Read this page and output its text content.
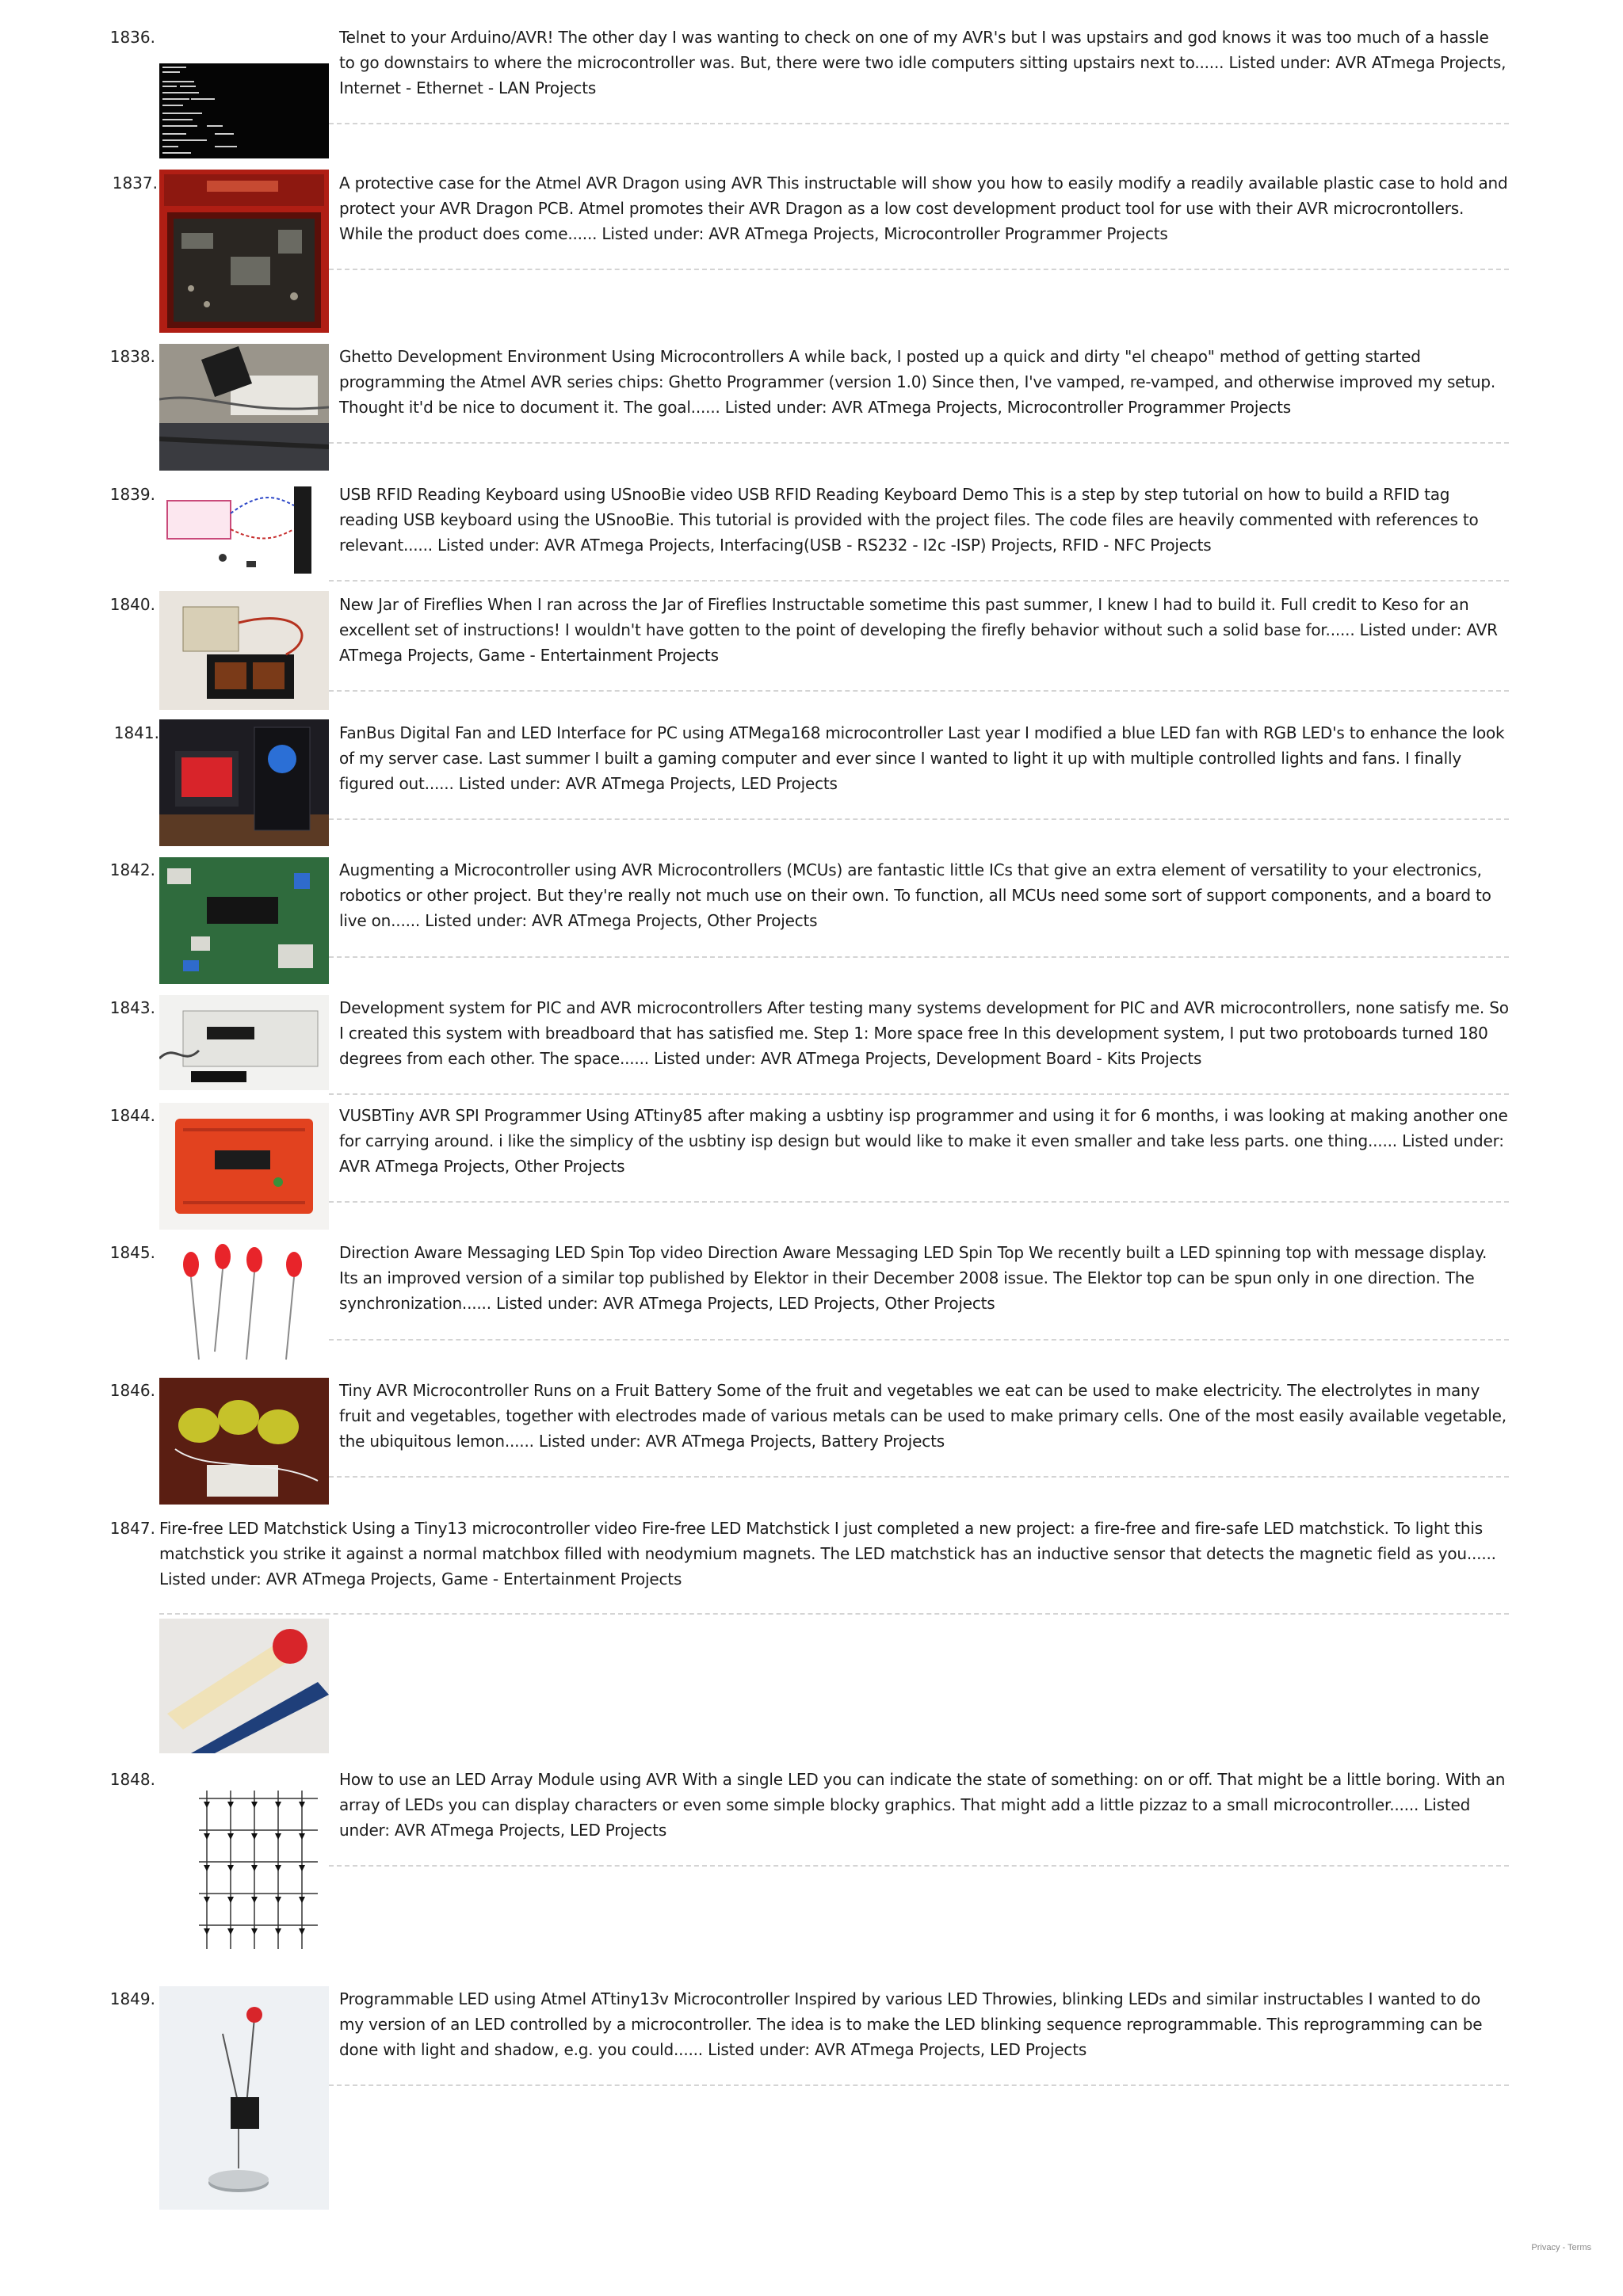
1836.	Telnet to your Arduino/AVR! The other day I was wanting to check on one of my AVR's but I was upstairs and god knows it was too much of a hassle to go downstairs to where the microcontroller was. But, there were two idle computers sitting upstairs next to...... Listed under: AVR ATmega Projects, Internet - Ethernet - LAN Projects

1837.	A protective case for the Atmel AVR Dragon using AVR This instructable will show you how to easily modify a readily available plastic case to hold and protect your AVR Dragon PCB. Atmel promotes their AVR Dragon as a low cost development product tool for use with their AVR microcrontollers. While the product does come...... Listed under: AVR ATmega Projects, Microcontroller Programmer Projects

1838.	Ghetto Development Environment Using Microcontrollers A while back, I posted up a quick and dirty "el cheapo" method of getting started programming the Atmel AVR series chips: Ghetto Programmer (version 1.0) Since then, I've vamped, re-vamped, and otherwise improved my setup. Thought it'd be nice to document it. The goal...... Listed under: AVR ATmega Projects, Microcontroller Programmer Projects

1839.	USB RFID Reading Keyboard using USnooBie video USB RFID Reading Keyboard Demo This is a step by step tutorial on how to build a RFID tag reading USB keyboard using the USnooBie. This tutorial is provided with the project files. The code files are heavily commented with references to relevant...... Listed under: AVR ATmega Projects, Interfacing(USB - RS232 - I2c -ISP) Projects, RFID - NFC Projects

1840.	New Jar of Fireflies When I ran across the Jar of Fireflies Instructable sometime this past summer, I knew I had to build it. Full credit to Keso for an excellent set of instructions! I wouldn't have gotten to the point of developing the firefly behavior without such a solid base for...... Listed under: AVR ATmega Projects, Game - Entertainment Projects

1841.	FanBus Digital Fan and LED Interface for PC using ATMega168 microcontroller Last year I modified a blue LED fan with RGB LED's to enhance the look of my server case. Last summer I built a gaming computer and ever since I wanted to light it up with multiple controlled lights and fans. I finally figured out...... Listed under: AVR ATmega Projects, LED Projects

1842.	Augmenting a Microcontroller using AVR Microcontrollers (MCUs) are fantastic little ICs that give an extra element of versatility to your electronics, robotics or other project. But they're really not much use on their own. To function, all MCUs need some sort of support components, and a board to live on...... Listed under: AVR ATmega Projects, Other Projects

1843.	Development system for PIC and AVR microcontrollers After testing many systems development for PIC and AVR microcontrollers, none satisfy me. So I created this system with breadboard that has satisfied me. Step 1: More space free In this development system, I put two protoboards turned 180 degrees from each other. The space...... Listed under: AVR ATmega Projects, Development Board - Kits Projects

1844.	VUSBTiny AVR SPI Programmer Using ATtiny85 after making a usbtiny isp programmer and using it for 6 months, i was looking at making another one for carrying around. i like the simplicy of the usbtiny isp design but would like to make it even smaller and take less parts. one thing...... Listed under: AVR ATmega Projects, Other Projects

1845.	Direction Aware Messaging LED Spin Top video Direction Aware Messaging LED Spin Top We recently built a LED spinning top with message display. Its an improved version of a similar top published by Elektor in their December 2008 issue. The Elektor top can be spun only in one direction. The synchronization...... Listed under: AVR ATmega Projects, LED Projects, Other Projects

1846.	Tiny AVR Microcontroller Runs on a Fruit Battery Some of the fruit and vegetables we eat can be used to make electricity. The electrolytes in many fruit and vegetables, together with electrodes made of various metals can be used to make primary cells. One of the most easily available vegetable, the ubiquitous lemon...... Listed under: AVR ATmega Projects, Battery Projects

1847. Fire-free LED Matchstick Using a Tiny13 microcontroller video Fire-free LED Matchstick I just completed a new project: a fire-free and fire-safe LED matchstick. To light this matchstick you strike it against a normal matchbox filled with neodymium magnets. The LED matchstick has an inductive sensor that detects the magnetic field as you...... Listed under: AVR ATmega Projects, Game - Entertainment Projects

1848.	How to use an LED Array Module using AVR With a single LED you can indicate the state of something: on or off. That might be a little boring. With an array of LEDs you can display characters or even some simple blocky graphics. That might add a little pizzaz to a small microcontroller...... Listed under: AVR ATmega Projects, LED Projects

1849.	Programmable LED using Atmel ATtiny13v Microcontroller Inspired by various LED Throwies, blinking LEDs and similar instructables I wanted to do my version of an LED controlled by a microcontroller. The idea is to make the LED blinking sequence reprogrammable. This reprogramming can be done with light and shadow, e.g. you could...... Listed under: AVR ATmega Projects, LED Projects

Privacy - Terms
